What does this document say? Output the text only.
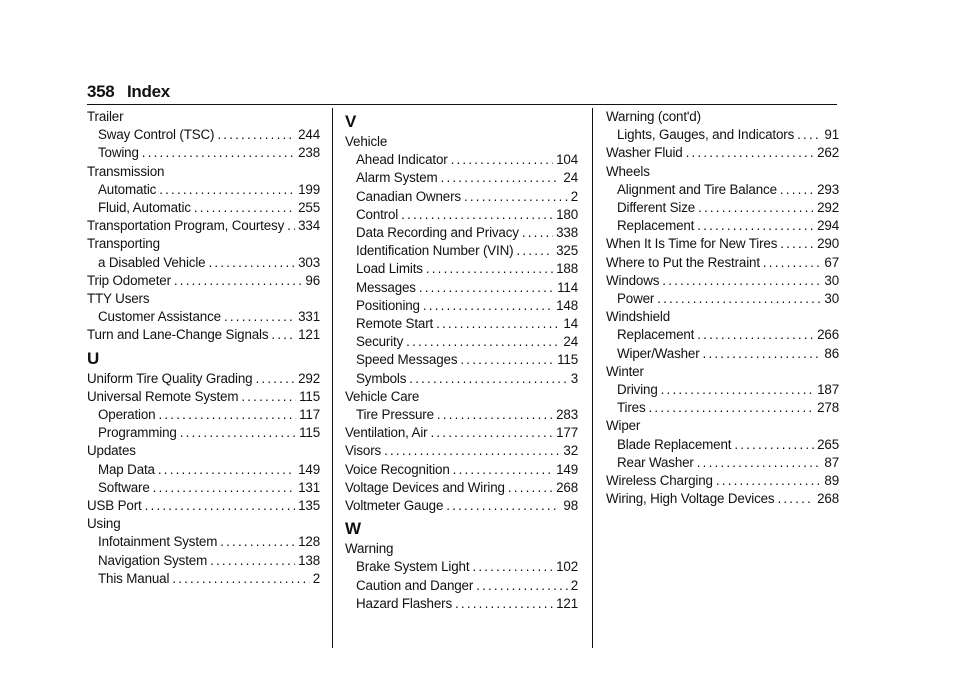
358 Index
Trailer
Sway Control (TSC) .....	244
Towing .....	238
Transmission
Automatic .....	199
Fluid, Automatic .....	255
Transportation Program, Courtesy ..... 334
Transporting
a Disabled Vehicle .....	303
Trip Odometer .....	96
TTY Users
Customer Assistance .....	331
Turn and Lane-Change Signals ..... 121
U
Uniform Tire Quality Grading .....	292
Universal Remote System .....	115
Operation .....	117
Programming .....	115
Updates
Map Data .....	149
Software .....	131
USB Port .....	135
Using
Infotainment System .....	128
Navigation System .....	138
This Manual .....	2
V
Vehicle
Ahead Indicator .....	104
Alarm System .....	24
Canadian Owners .....	2
Control .....	180
Data Recording and Privacy .....	338
Identification Number (VIN) .....	325
Load Limits .....	188
Messages .....	114
Positioning .....	148
Remote Start .....	14
Security .....	24
Speed Messages .....	115
Symbols .....	3
Vehicle Care
Tire Pressure .....	283
Ventilation, Air .....	177
Visors .....	32
Voice Recognition .....	149
Voltage Devices and Wiring .....	268
Voltmeter Gauge .....	98
W
Warning
Brake System Light .....	102
Caution and Danger .....	2
Hazard Flashers .....	121
Warning (cont'd)
Lights, Gauges, and Indicators ..... 91
Washer Fluid .....	262
Wheels
Alignment and Tire Balance .....	293
Different Size .....	292
Replacement .....	294
When It Is Time for New Tires .....	290
Where to Put the Restraint .....	67
Windows .....	30
Power .....	30
Windshield
Replacement .....	266
Wiper/Washer .....	86
Winter
Driving .....	187
Tires .....	278
Wiper
Blade Replacement .....	265
Rear Washer .....	87
Wireless Charging .....	89
Wiring, High Voltage Devices .....	268
